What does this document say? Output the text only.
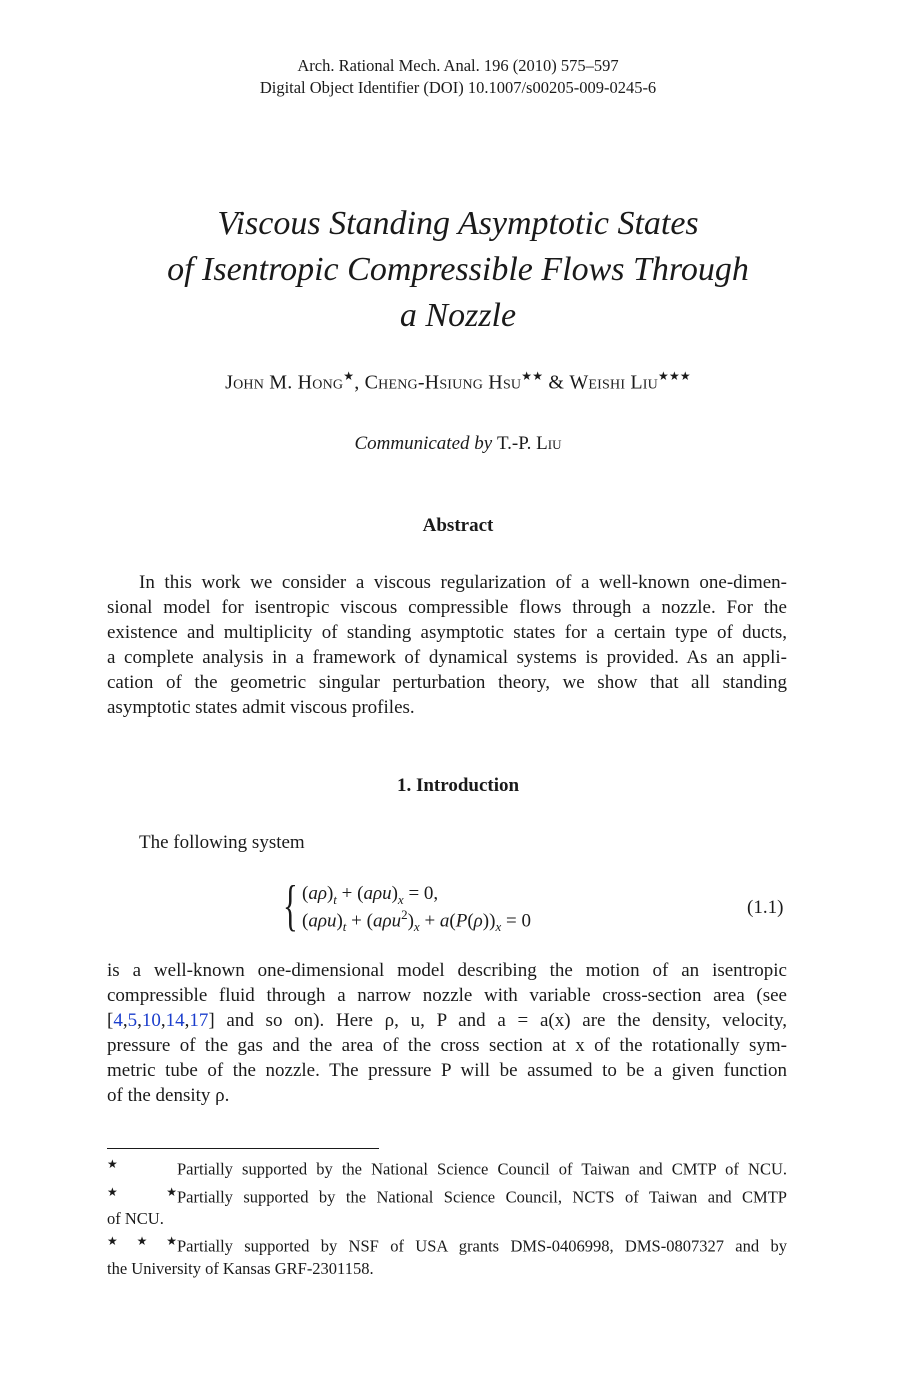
Arch. Rational Mech. Anal. 196 (2010) 575–597
Digital Object Identifier (DOI) 10.1007/s00205-009-0245-6
Viscous Standing Asymptotic States
of Isentropic Compressible Flows Through
a Nozzle
John M. Hong★, Cheng-Hsiung Hsu★★ & Weishi Liu★★★
Communicated by T.-P. Liu
Abstract
In this work we consider a viscous regularization of a well-known one-dimen-
sional model for isentropic viscous compressible flows through a nozzle. For the
existence and multiplicity of standing asymptotic states for a certain type of ducts,
a complete analysis in a framework of dynamical systems is provided. As an appli-
cation of the geometric singular perturbation theory, we show that all standing
asymptotic states admit viscous profiles.
1. Introduction
The following system
{ $(a\rho)_t + (a\rho u)_x = 0$,
$(a\rho u)_t + (a\rho u^2)_x + a(P(\rho))_x = 0$
(1.1)
is a well-known one-dimensional model describing the motion of an isentropic
compressible fluid through a narrow nozzle with variable cross-section area (see
[4,5,10,14,17] and so on). Here ρ, u, P and a = a(x) are the density, velocity,
pressure of the gas and the area of the cross section at x of the rotationally sym-
metric tube of the nozzle. The pressure P will be assumed to be a given function
of the density ρ.
★	Partially supported by the National Science Council of Taiwan and CMTP of NCU.
★★Partially supported by the National Science Council, NCTS of Taiwan and CMTP
of NCU.
★★★Partially supported by NSF of USA grants DMS-0406998, DMS-0807327 and by
the University of Kansas GRF-2301158.
